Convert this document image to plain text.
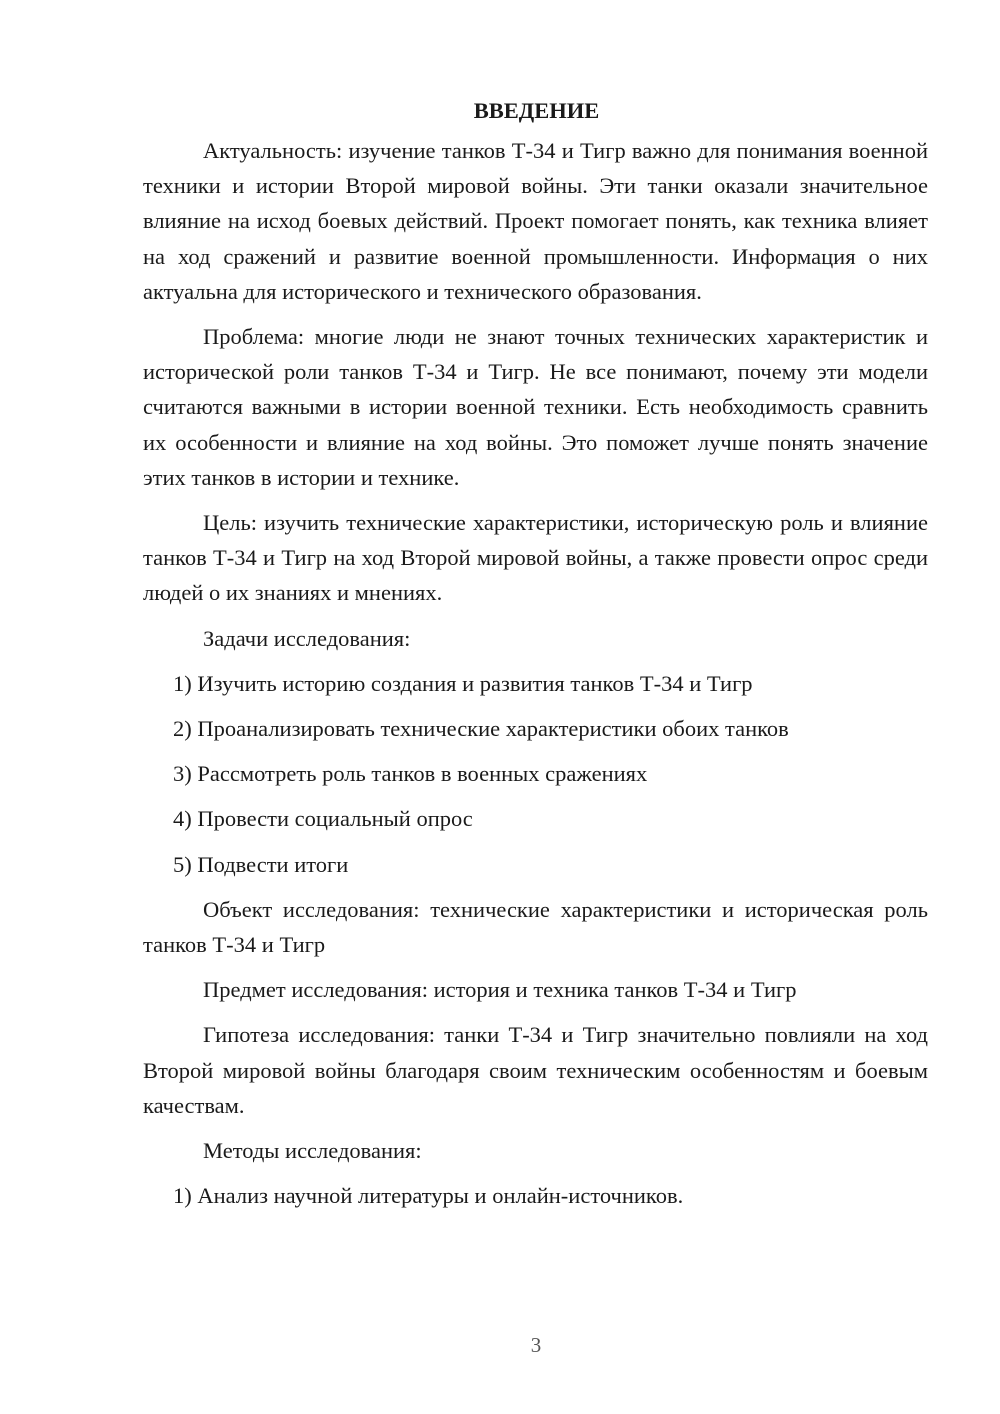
ВВЕДЕНИЕ

Актуальность: изучение танков Т-34 и Тигр важно для понимания военной техники и истории Второй мировой войны. Эти танки оказали значительное влияние на исход боевых действий. Проект помогает понять, как техника влияет на ход сражений и развитие военной промышленности. Информация о них актуальна для исторического и технического образования.

Проблема: многие люди не знают точных технических характеристик и исторической роли танков Т-34 и Тигр. Не все понимают, почему эти модели считаются важными в истории военной техники. Есть необходимость сравнить их особенности и влияние на ход войны. Это поможет лучше понять значение этих танков в истории и технике.

Цель: изучить технические характеристики, историческую роль и влияние танков Т-34 и Тигр на ход Второй мировой войны, а также провести опрос среди людей о их знаниях и мнениях.

Задачи исследования:

1) Изучить историю создания и развития танков Т-34 и Тигр
2) Проанализировать технические характеристики обоих танков
3) Рассмотреть роль танков в военных сражениях
4) Провести социальный опрос
5) Подвести итоги

Объект исследования: технические характеристики и историческая роль танков Т-34 и Тигр

Предмет исследования: история и техника танков Т-34 и Тигр

Гипотеза исследования: танки Т-34 и Тигр значительно повлияли на ход Второй мировой войны благодаря своим техническим особенностям и боевым качествам.

Методы исследования:

1) Анализ научной литературы и онлайн-источников.
3
